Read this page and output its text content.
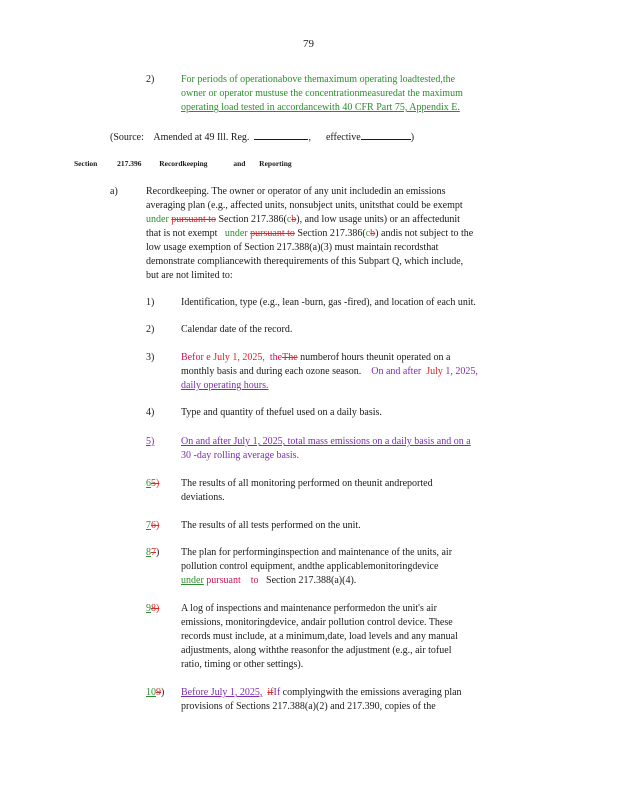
79
2)	For periods of operationabove themaximum operating loadtested,the
owner or operator mustuse the concentrationmeasuredat the maximum
operating load tested in accordancewith 40 CFR Part 75, Appendix E.
(Source: Amended at 49 Ill. Reg.	, effective	)
Section	217.396 Recordkeeping	and Reporting
a)	Recordkeeping. The owner or operator of any unit includedin an emissions
averaging plan (e.g., affected units, nonsubject units, unitsthat could be exempt
under pursuant to Section 217.386(cb), and low usage units) or an affectedunit
that is not exempt under pursuant to Section 217.386(cb) andis not subject to the
low usage exemption of Section 217.388(a)(3) must maintain recordsthat
demonstrate compliancewith therequirements of this Subpart Q, which include,
but are not limited to:
1)	Identification, type (e.g., lean -burn, gas -fired), and location of each unit.
2)	Calendar date of the record.
3)	Befor e July 1, 2025, theThe numberof hours theunit operated on a
monthly basis and during each ozone season. On and after July 1, 2025,
daily operating hours.
4)	Type and quantity of thefuel used on a daily basis.
5)	On and after July 1, 2025, total mass emissions on a daily basis and on a
30 -day rolling average basis.
65) The results of all monitoring performed on theunit andreported
deviations.
76) The results of all tests performed on the unit.
87) The plan for performinginspection and maintenance of the units, air
pollution control equipment, andthe applicablemonitoringdevice
under pursuant to Section 217.388(a)(4).
98) A log of inspections and maintenance performedon the unit's air
emissions, monitoringdevice, andair pollution control device. These
records must include, at a minimum,date, load levels and any manual
adjustments, along withthe reasonfor the adjustment (e.g., air tofuel
ratio, timing or other settings).
109) Before July 1, 2025, ifIf complyingwith the emissions averaging plan
provisions of Sections 217.388(a)(2) and 217.390, copies of the
